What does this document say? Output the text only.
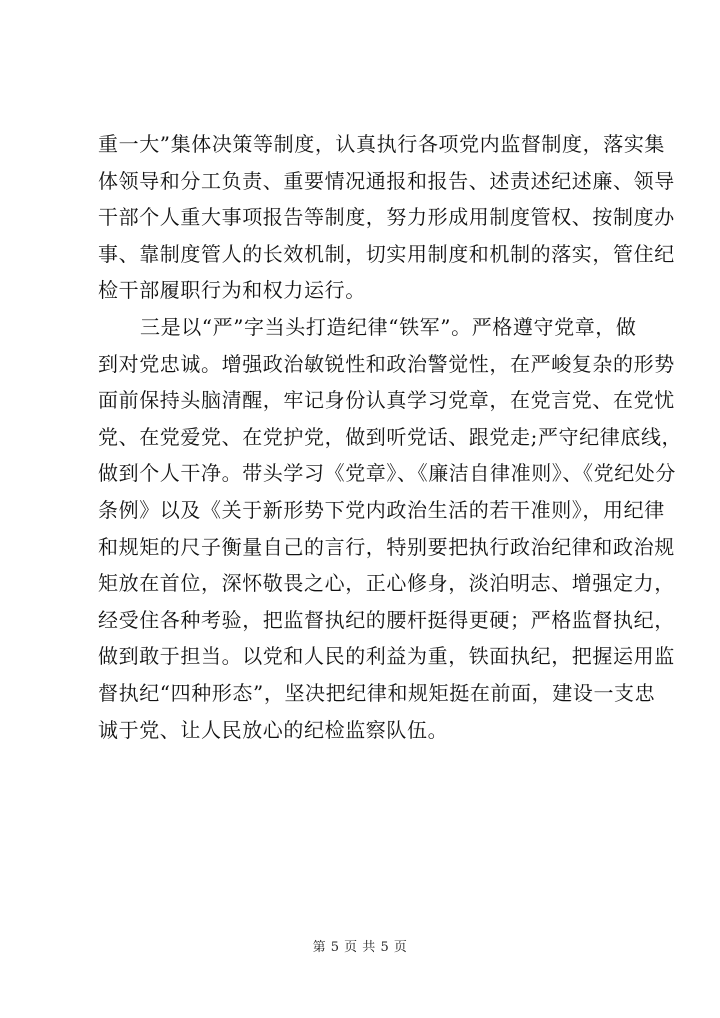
重一大”集体决策等制度，认真执行各项党内监督制度，落实集
体领导和分工负责、重要情况通报和报告、述责述纪述廉、领导
干部个人重大事项报告等制度，努力形成用制度管权、按制度办
事、靠制度管人的长效机制，切实用制度和机制的落实，管住纪
检干部履职行为和权力运行。
三是以“严”字当头打造纪律“铁军”。严格遵守党章，做
到对党忠诚。增强政治敏锐性和政治警觉性，在严峻复杂的形势
面前保持头脑清醒，牢记身份认真学习党章，在党言党、在党忧
党、在党爱党、在党护党，做到听党话、跟党走;严守纪律底线，
做到个人干净。带头学习《党章》、《廉洁自律准则》、《党纪处分
条例》以及《关于新形势下党内政治生活的若干准则》，用纪律
和规矩的尺子衡量自己的言行，特别要把执行政治纪律和政治规
矩放在首位，深怀敬畏之心，正心修身，淡泊明志、增强定力，
经受住各种考验，把监督执纪的腰杆挺得更硬；严格监督执纪，
做到敢于担当。以党和人民的利益为重，铁面执纪，把握运用监
督执纪“四种形态”，坚决把纪律和规矩挺在前面，建设一支忠
诚于党、让人民放心的纪检监察队伍。
第 5 页 共 5 页
